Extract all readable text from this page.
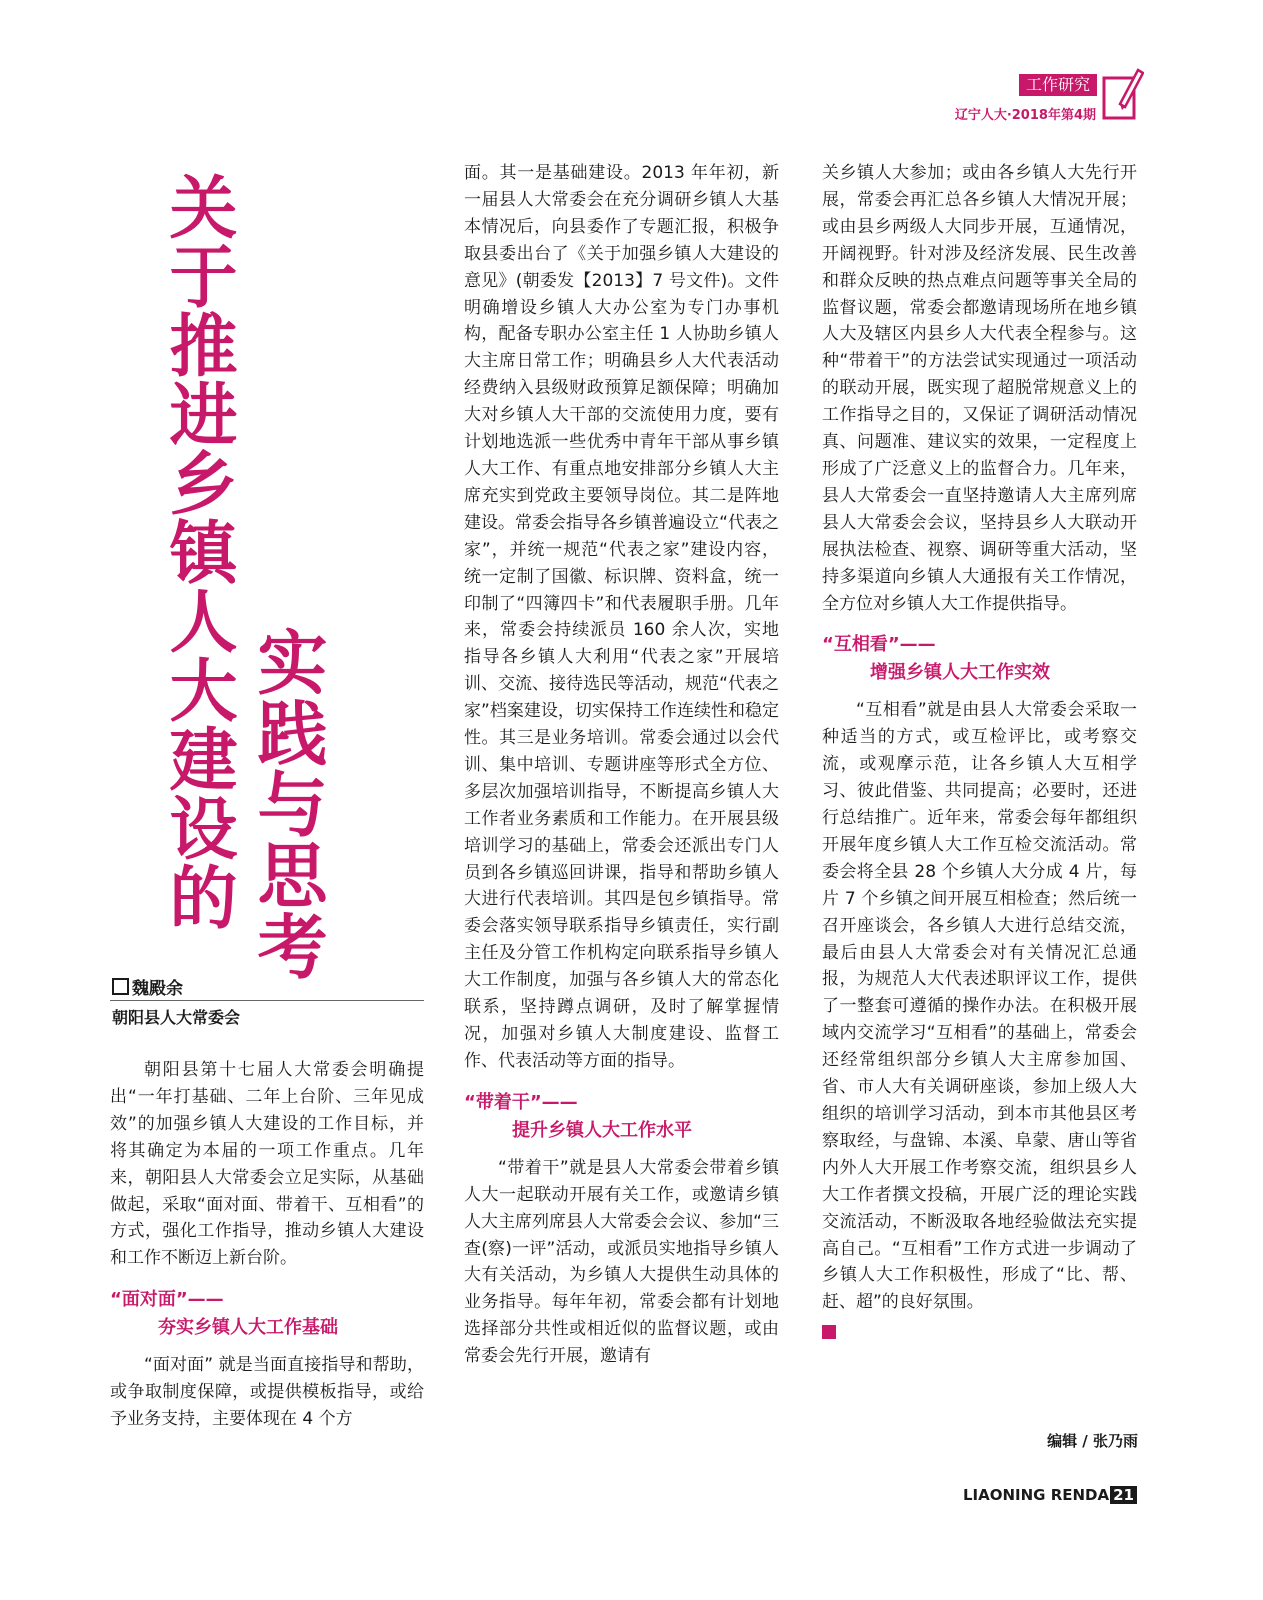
工作研究
辽宁人大·2018年第4期
关于推进乡镇人大建设的 实践与思考
魏殿余
朝阳县人大常委会

朝阳县第十七届人大常委会明确提出“一年打基础、二年上台阶、三年见成效”的加强乡镇人大建设的工作目标，并将其确定为本届的一项工作重点。几年来，朝阳县人大常委会立足实际，从基础做起，采取“面对面、带着干、互相看”的方式，强化工作指导，推动乡镇人大建设和工作不断迈上新台阶。

“面对面”——
夯实乡镇人大工作基础

“面对面” 就是当面直接指导和帮助，或争取制度保障，或提供模板指导，或给予业务支持，主要体现在 4 个方

面。其一是基础建设。2013 年年初，新一届县人大常委会在充分调研乡镇人大基本情况后，向县委作了专题汇报，积极争取县委出台了《关于加强乡镇人大建设的意见》(朝委发【2013】7 号文件)。文件明确增设乡镇人大办公室为专门办事机构，配备专职办公室主任 1 人协助乡镇人大主席日常工作；明确县乡人大代表活动经费纳入县级财政预算足额保障；明确加大对乡镇人大干部的交流使用力度，要有计划地选派一些优秀中青年干部从事乡镇人大工作、有重点地安排部分乡镇人大主席充实到党政主要领导岗位。其二是阵地建设。常委会指导各乡镇普遍设立“代表之家”，并统一规范“代表之家”建设内容，统一定制了国徽、标识牌、资料盒，统一印制了“四簿四卡”和代表履职手册。几年来，常委会持续派员 160 余人次，实地指导各乡镇人大利用“代表之家”开展培训、交流、接待选民等活动，规范“代表之家”档案建设，切实保持工作连续性和稳定性。其三是业务培训。常委会通过以会代训、集中培训、专题讲座等形式全方位、多层次加强培训指导，不断提高乡镇人大工作者业务素质和工作能力。在开展县级培训学习的基础上，常委会还派出专门人员到各乡镇巡回讲课，指导和帮助乡镇人大进行代表培训。其四是包乡镇指导。常委会落实领导联系指导乡镇责任，实行副主任及分管工作机构定向联系指导乡镇人大工作制度，加强与各乡镇人大的常态化联系，坚持蹲点调研，及时了解掌握情况，加强对乡镇人大制度建设、监督工作、代表活动等方面的指导。

“带着干”——
提升乡镇人大工作水平

“带着干”就是县人大常委会带着乡镇人大一起联动开展有关工作，或邀请乡镇人大主席列席县人大常委会会议、参加“三查(察)一评”活动，或派员实地指导乡镇人大有关活动，为乡镇人大提供生动具体的业务指导。每年年初，常委会都有计划地选择部分共性或相近似的监督议题，或由常委会先行开展，邀请有

关乡镇人大参加；或由各乡镇人大先行开展，常委会再汇总各乡镇人大情况开展；或由县乡两级人大同步开展，互通情况，开阔视野。针对涉及经济发展、民生改善和群众反映的热点难点问题等事关全局的监督议题，常委会都邀请现场所在地乡镇人大及辖区内县乡人大代表全程参与。这种“带着干”的方法尝试实现通过一项活动的联动开展，既实现了超脱常规意义上的工作指导之目的，又保证了调研活动情况真、问题准、建议实的效果，一定程度上形成了广泛意义上的监督合力。几年来，县人大常委会一直坚持邀请人大主席列席县人大常委会会议，坚持县乡人大联动开展执法检查、视察、调研等重大活动，坚持多渠道向乡镇人大通报有关工作情况，全方位对乡镇人大工作提供指导。

“互相看”——
增强乡镇人大工作实效

“互相看”就是由县人大常委会采取一种适当的方式，或互检评比，或考察交流，或观摩示范，让各乡镇人大互相学习、彼此借鉴、共同提高；必要时，还进行总结推广。近年来，常委会每年都组织开展年度乡镇人大工作互检交流活动。常委会将全县 28 个乡镇人大分成 4 片，每片 7 个乡镇之间开展互相检查；然后统一召开座谈会，各乡镇人大进行总结交流，最后由县人大常委会对有关情况汇总通报，为规范人大代表述职评议工作，提供了一整套可遵循的操作办法。在积极开展域内交流学习“互相看”的基础上，常委会还经常组织部分乡镇人大主席参加国、省、市人大有关调研座谈，参加上级人大组织的培训学习活动，到本市其他县区考察取经，与盘锦、本溪、阜蒙、唐山等省内外人大开展工作考察交流，组织县乡人大工作者撰文投稿，开展广泛的理论实践交流活动，不断汲取各地经验做法充实提高自己。“互相看”工作方式进一步调动了乡镇人大工作积极性，形成了“比、帮、赶、超”的良好氛围。

编辑 / 张乃雨
LIAONING RENDA 21
